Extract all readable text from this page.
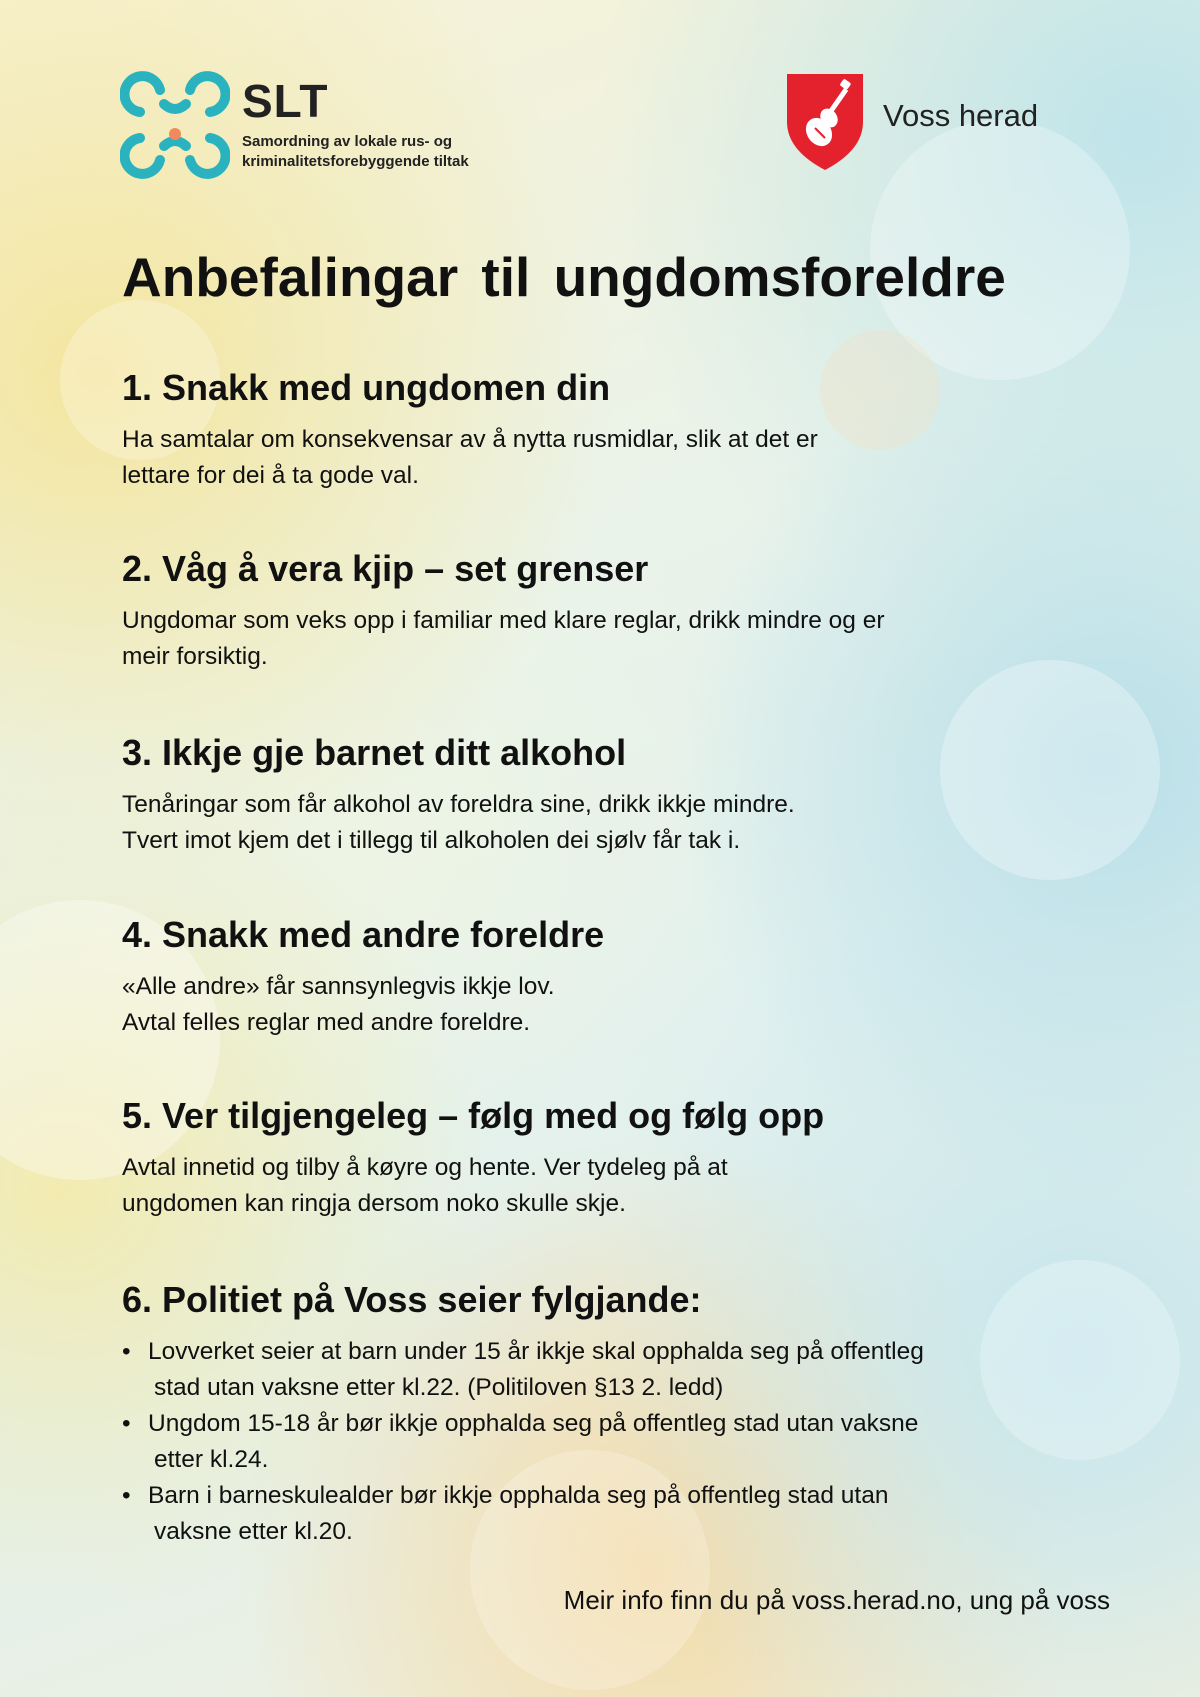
SLT
Samordning av lokale rus- og
kriminalitetsforebyggende tiltak
Voss herad
Anbefalingar til ungdomsforeldre
1. Snakk med ungdomen din

Ha samtalar om konsekvensar av å nytta rusmidlar, slik at det er
lettare for dei å ta gode val.

2. Våg å vera kjip – set grenser

Ungdomar som veks opp i familiar med klare reglar, drikk mindre og er
meir forsiktig.

3. Ikkje gje barnet ditt alkohol

Tenåringar som får alkohol av foreldra sine, drikk ikkje mindre.
Tvert imot kjem det i tillegg til alkoholen dei sjølv får tak i.

4. Snakk med andre foreldre

«Alle andre» får sannsynlegvis ikkje lov.
Avtal felles reglar med andre foreldre.

5. Ver tilgjengeleg – følg med og følg opp

Avtal innetid og tilby å køyre og hente. Ver tydeleg på at
ungdomen kan ringja dersom noko skulle skje.

6. Politiet på Voss seier fylgjande:
• Lovverket seier at barn under 15 år ikkje skal opphalda seg på offentleg
stad utan vaksne etter kl.22. (Politiloven §13 2. ledd)
• Ungdom 15-18 år bør ikkje opphalda seg på offentleg stad utan vaksne
etter kl.24.
• Barn i barneskulealder bør ikkje opphalda seg på offentleg stad utan
vaksne etter kl.20.
Meir info finn du på voss.herad.no, ung på voss
